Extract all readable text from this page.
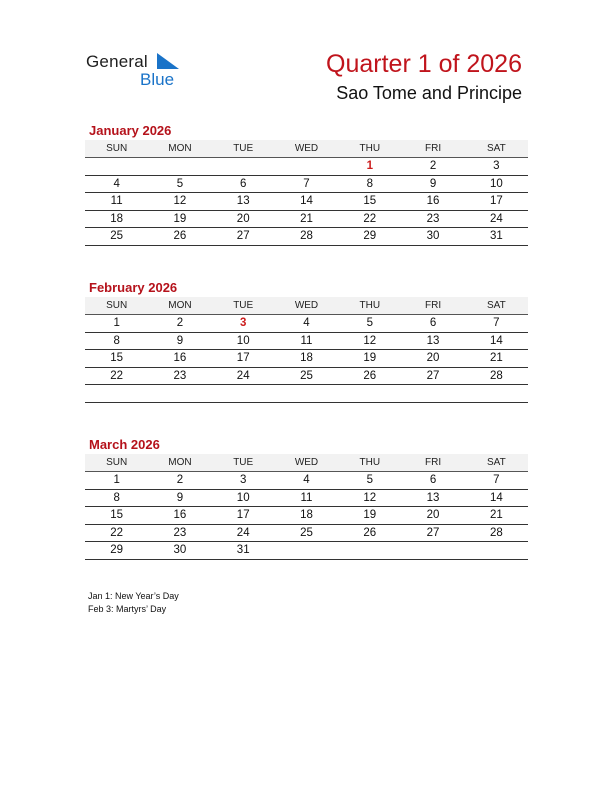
General
Blue
Quarter 1 of 2026
Sao Tome and Principe
January 2026
SUN	MON	TUE	WED	THU	FRI	SAT
				1	2	3
4	5	6	7	8	9	10
11	12	13	14	15	16	17
18	19	20	21	22	23	24
25	26	27	28	29	30	31
February 2026
SUN	MON	TUE	WED	THU	FRI	SAT
1	2	3	4	5	6	7
8	9	10	11	12	13	14
15	16	17	18	19	20	21
22	23	24	25	26	27	28

March 2026
SUN	MON	TUE	WED	THU	FRI	SAT
1	2	3	4	5	6	7
8	9	10	11	12	13	14
15	16	17	18	19	20	21
22	23	24	25	26	27	28
29	30	31				
Jan 1: New Year’s Day
Feb 3: Martyrs’ Day
